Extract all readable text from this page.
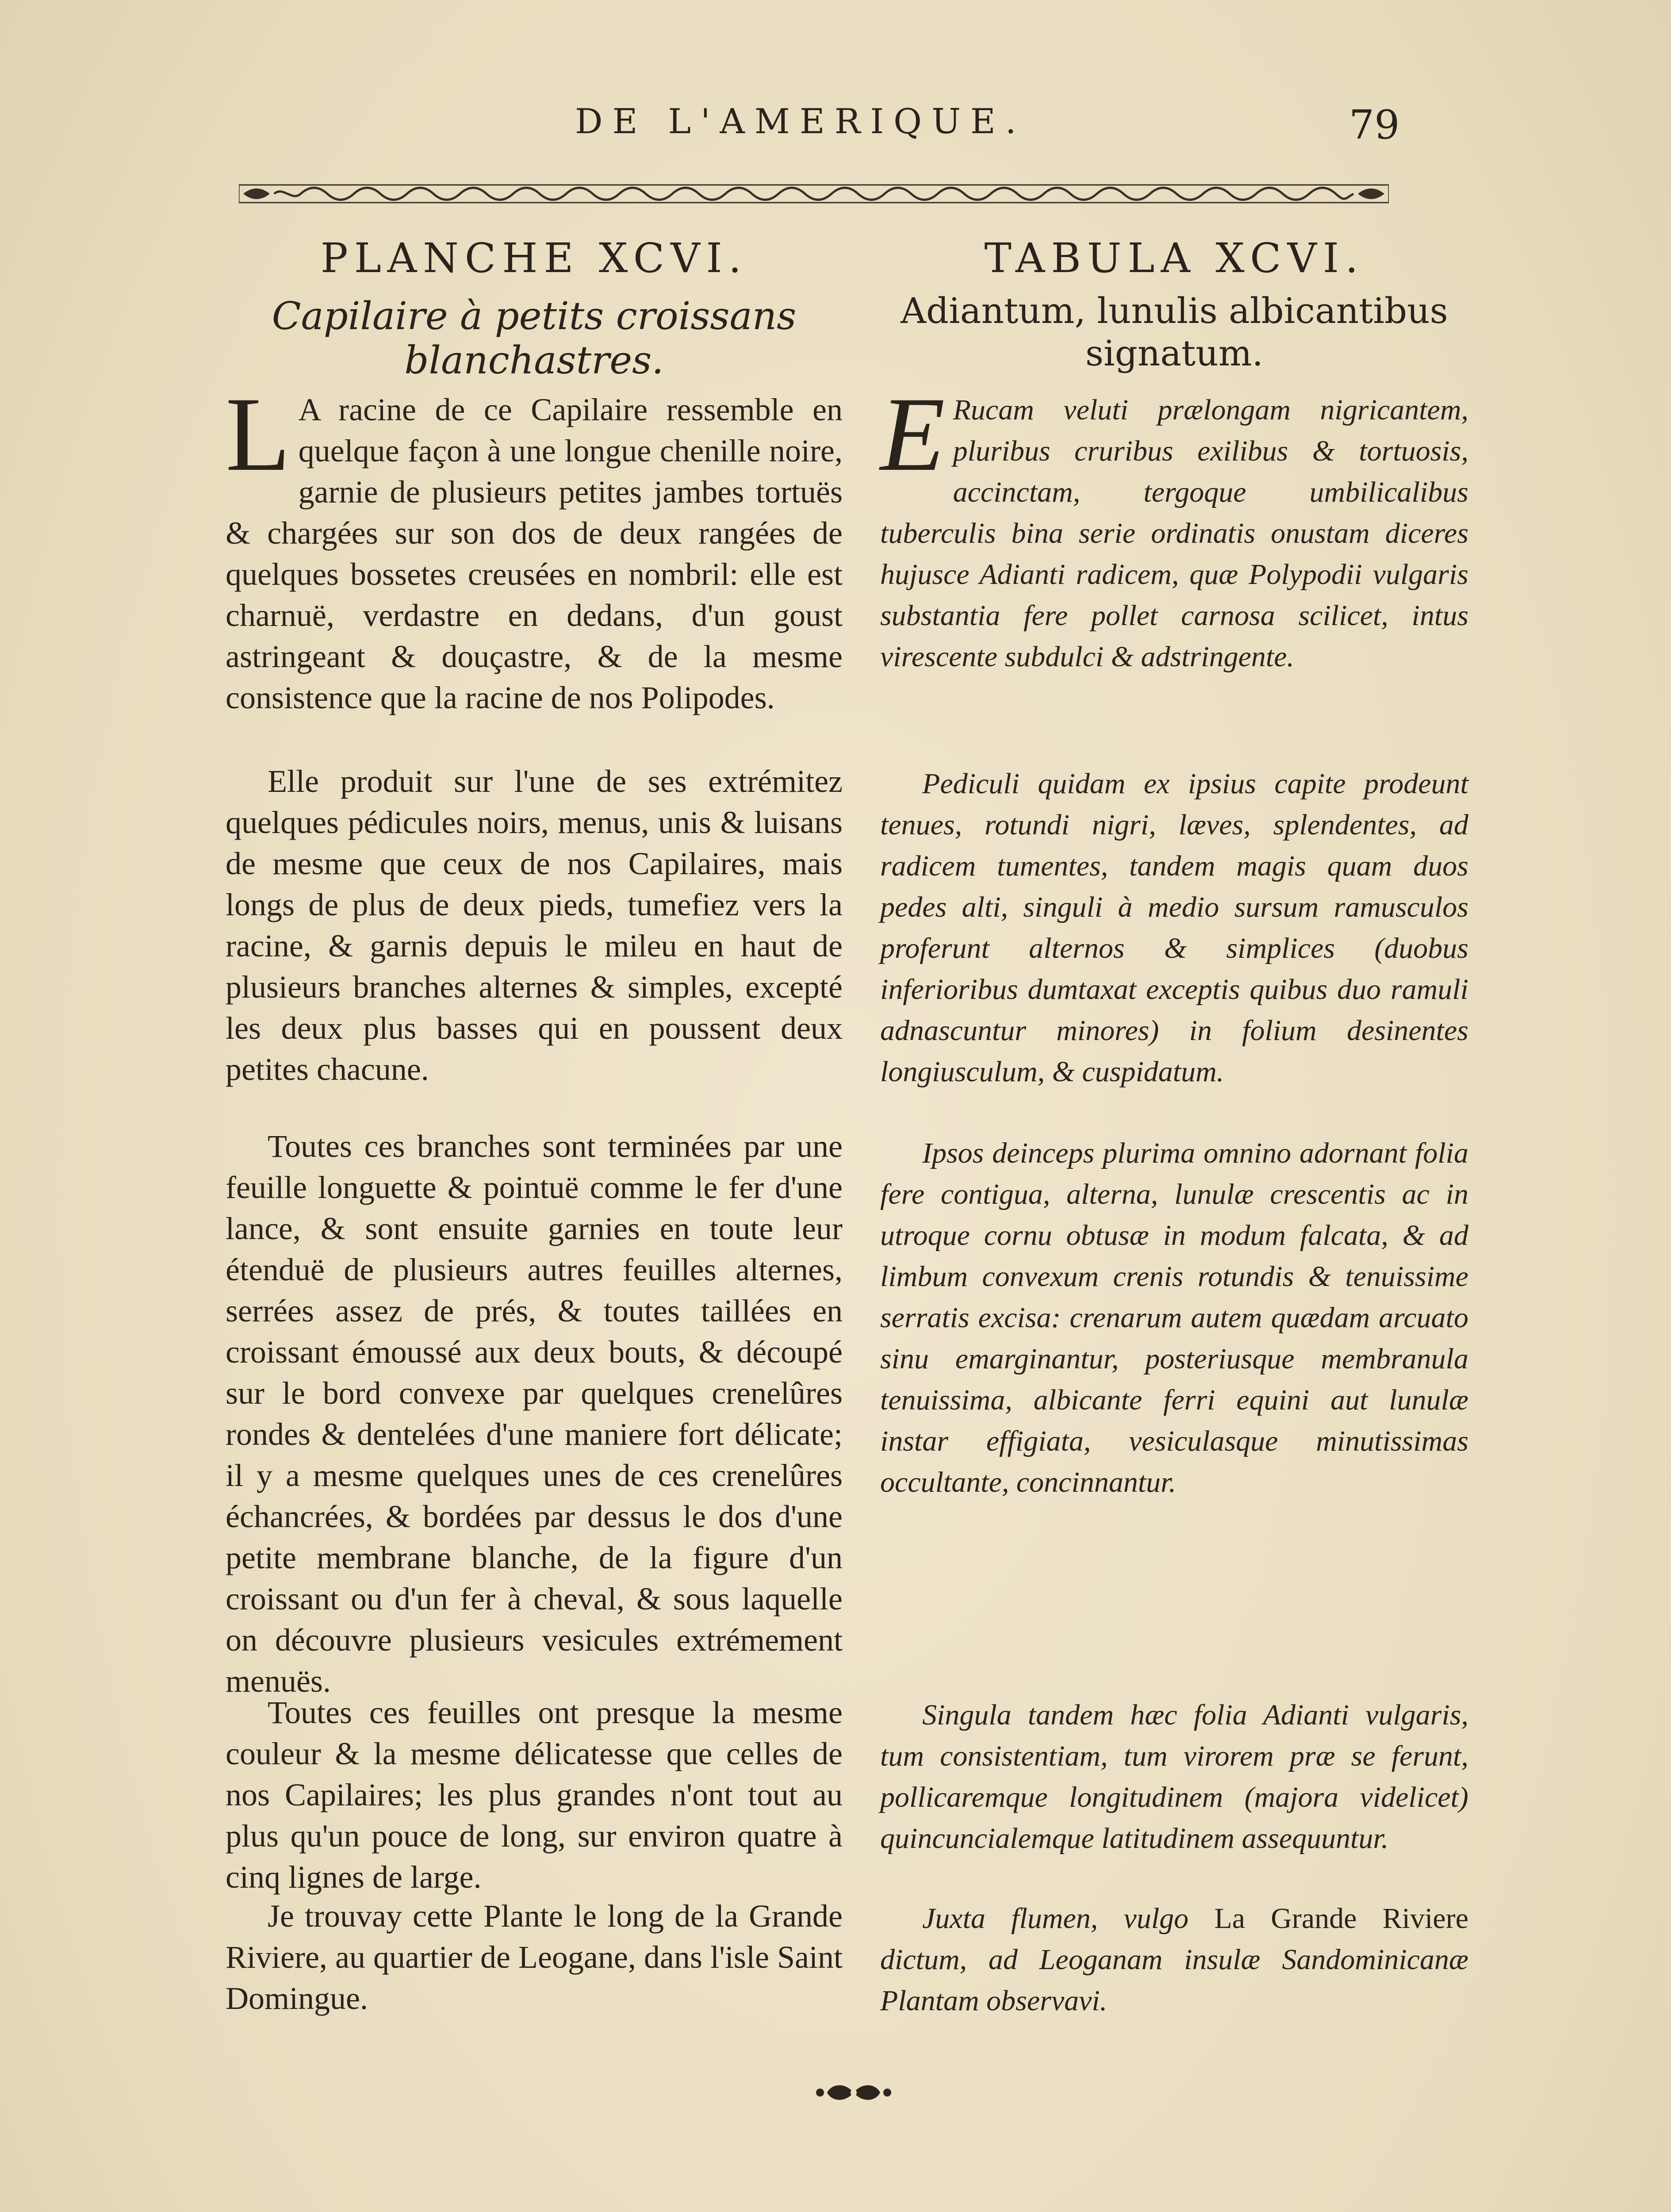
DE L'AMERIQUE.	79
PLANCHE XCVI.
Capilaire à petits croissans blanchastres.

L A racine de ce Capilaire ressemble en quelque façon à une longue chenille noire, garnie de plusieurs petites jambes tortuës & chargées sur son dos de deux rangées de quelques bossetes creusées en nombril: elle est charnuë, verdastre en dedans, d'un goust astringeant & douçastre, & de la mesme consistence que la racine de nos Polipodes.

Elle produit sur l'une de ses extrémitez quelques pédicules noirs, menus, unis & luisans de mesme que ceux de nos Capilaires, mais longs de plus de deux pieds, tumefiez vers la racine, & garnis depuis le mileu en haut de plusieurs branches alternes & simples, excepté les deux plus basses qui en poussent deux petites chacune.

Toutes ces branches sont terminées par une feuille longuette & pointuë comme le fer d'une lance, & sont ensuite garnies en toute leur étenduë de plusieurs autres feuilles alternes, serrées assez de prés, & toutes taillées en croissant émoussé aux deux bouts, & découpé sur le bord convexe par quelques crenelûres rondes & dentelées d'une maniere fort délicate; il y a mesme quelques unes de ces crenelûres échancrées, & bordées par dessus le dos d'une petite membrane blanche, de la figure d'un croissant ou d'un fer à cheval, & sous laquelle on découvre plusieurs vesicules extrémement menuës.

Toutes ces feuilles ont presque la mesme couleur & la mesme délicatesse que celles de nos Capilaires; les plus grandes n'ont tout au plus qu'un pouce de long, sur environ quatre à cinq lignes de large.

Je trouvay cette Plante le long de la Grande Riviere, au quartier de Leogane, dans l'isle Saint Domingue.

TABULA XCVI.
Adiantum, lunulis albicantibus signatum.

E Rucam veluti prælongam nigricantem, pluribus cruribus exilibus & tortuosis, accinctam, tergoque umbilicalibus tuberculis bina serie ordinatis onustam diceres hujusce Adianti radicem, quæ Polypodii vulgaris substantia fere pollet carnosa scilicet, intus virescente subdulci & adstringente.

Pediculi quidam ex ipsius capite prodeunt tenues, rotundi nigri, læves, splendentes, ad radicem tumentes, tandem magis quam duos pedes alti, singuli à medio sursum ramusculos proferunt alternos & simplices (duobus inferioribus dumtaxat exceptis quibus duo ramuli adnascuntur minores) in folium desinentes longiusculum, & cuspidatum.

Ipsos deinceps plurima omnino adornant folia fere contigua, alterna, lunulæ crescentis ac in utroque cornu obtusæ in modum falcata, & ad limbum convexum crenis rotundis & tenuissime serratis excisa: crenarum autem quædam arcuato sinu emarginantur, posteriusque membranula tenuissima, albicante ferri equini aut lunulæ instar effigiata, vesiculasque minutissimas occultante, concinnantur.

Singula tandem hæc folia Adianti vulgaris, tum consistentiam, tum virorem præ se ferunt, pollicaremque longitudinem (majora videlicet) quincuncialemque latitudinem assequuntur.

Juxta flumen, vulgo La Grande Riviere dictum, ad Leoganam insulæ Sandominicanæ Plantam observavi.
